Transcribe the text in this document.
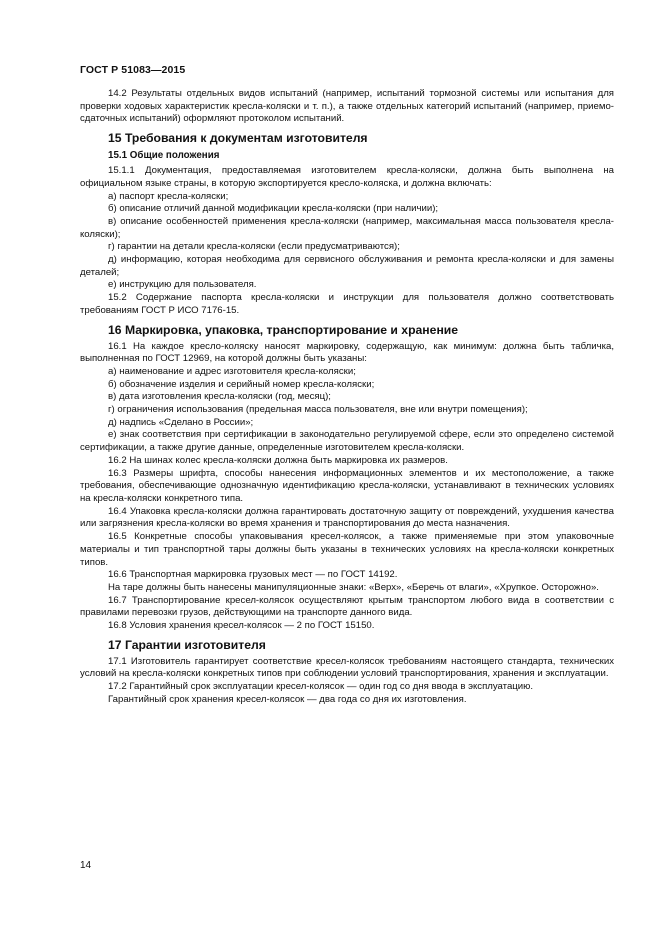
ГОСТ Р 51083—2015

14.2 Результаты отдельных видов испытаний (например, испытаний тормозной системы или испытания для проверки ходовых характеристик кресла-коляски и т. п.), а также отдельных категорий испытаний (например, приемо-сдаточных испытаний) оформляют протоколом испытаний.

15 Требования к документам изготовителя
15.1 Общие положения

15.1.1 Документация, предоставляемая изготовителем кресла-коляски, должна быть выполнена на официальном языке страны, в которую экспортируется кресло-коляска, и должна включать:

а) паспорт кресла-коляски;

б) описание отличий данной модификации кресла-коляски (при наличии);

в) описание особенностей применения кресла-коляски (например, максимальная масса пользователя кресла-коляски);

г) гарантии на детали кресла-коляски (если предусматриваются);

д) информацию, которая необходима для сервисного обслуживания и ремонта кресла-коляски и для замены деталей;

е) инструкцию для пользователя.

15.2 Содержание паспорта кресла-коляски и инструкции для пользователя должно соответствовать требованиям ГОСТ Р ИСО 7176-15.

16 Маркировка, упаковка, транспортирование и хранение

16.1 На каждое кресло-коляску наносят маркировку, содержащую, как минимум: должна быть табличка, выполненная по ГОСТ 12969, на которой должны быть указаны:

а) наименование и адрес изготовителя кресла-коляски;

б) обозначение изделия и серийный номер кресла-коляски;

в) дата изготовления кресла-коляски (год, месяц);

г) ограничения использования (предельная масса пользователя, вне или внутри помещения);

д) надпись «Сделано в России»;

е) знак соответствия при сертификации в законодательно регулируемой сфере, если это определено системой сертификации, а также другие данные, определенные изготовителем кресла-коляски.

16.2 На шинах колес кресла-коляски должна быть маркировка их размеров.

16.3 Размеры шрифта, способы нанесения информационных элементов и их местоположение, а также требования, обеспечивающие однозначную идентификацию кресла-коляски, устанавливают в технических условиях на кресла-коляски конкретного типа.

16.4 Упаковка кресла-коляски должна гарантировать достаточную защиту от повреждений, ухудшения качества или загрязнения кресла-коляски во время хранения и транспортирования до места назначения.

16.5 Конкретные способы упаковывания кресел-колясок, а также применяемые при этом упаковочные материалы и тип транспортной тары должны быть указаны в технических условиях на кресла-коляски конкретных типов.

16.6 Транспортная маркировка грузовых мест — по ГОСТ 14192.

На таре должны быть нанесены манипуляционные знаки: «Верх», «Беречь от влаги», «Хрупкое. Осторожно».

16.7 Транспортирование кресел-колясок осуществляют крытым транспортом любого вида в соответствии с правилами перевозки грузов, действующими на транспорте данного вида.

16.8 Условия хранения кресел-колясок — 2 по ГОСТ 15150.

17 Гарантии изготовителя

17.1 Изготовитель гарантирует соответствие кресел-колясок требованиям настоящего стандарта, технических условий на кресла-коляски конкретных типов при соблюдении условий транспортирования, хранения и эксплуатации.

17.2 Гарантийный срок эксплуатации кресел-колясок — один год со дня ввода в эксплуатацию.

Гарантийный срок хранения кресел-колясок — два года со дня их изготовления.

14
